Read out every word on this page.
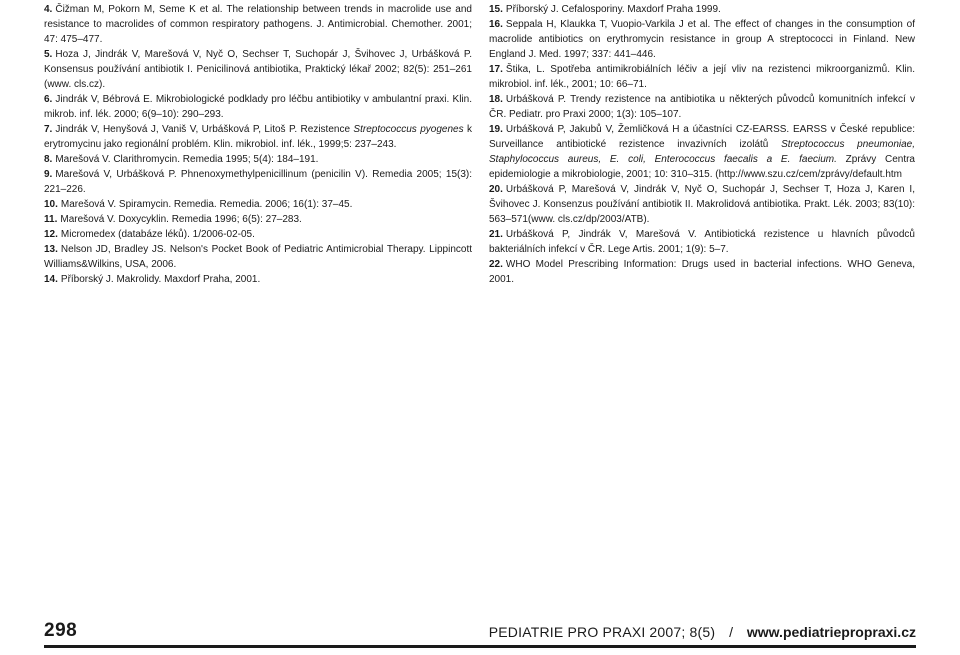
4. Čižman M, Pokorn M, Seme K et al. The relationship between trends in macrolide use and resistance to macrolides of common respiratory pathogens. J. Antimicrobial. Chemother. 2001; 47: 475–477.

5. Hoza J, Jindrák V, Marešová V, Nyč O, Sechser T, Suchopár J, Švihovec J, Urbášková P. Konsensus používání antibiotik I. Penicilinová antibiotika, Praktický lékař 2002; 82(5): 251–261 (www. cls.cz).

6. Jindrák V, Bébrová E. Mikrobiologické podklady pro léčbu antibiotiky v ambulantní praxi. Klin. mikrob. inf. lék. 2000; 6(9–10): 290–293.

7. Jindrák V, Henyšová J, Vaniš V, Urbášková P, Litoš P. Rezistence Streptococcus pyogenes k erytromycinu jako regionální problém. Klin. mikrobiol. inf. lék., 1999;5: 237–243.

8. Marešová V. Clarithromycin. Remedia 1995; 5(4): 184–191.

9. Marešová V, Urbášková P. Phnenoxymethylpenicillinum (penicilin V). Remedia 2005; 15(3): 221–226.

10. Marešová V. Spiramycin. Remedia. Remedia. 2006; 16(1): 37–45.

11. Marešová V. Doxycyklin. Remedia 1996; 6(5): 27–283.

12. Micromedex (databáze léků). 1/2006-02-05.

13. Nelson JD, Bradley JS. Nelson's Pocket Book of Pediatric Antimicrobial Therapy. Lippincott Williams&Wilkins, USA, 2006.

14. Příborský J. Makrolidy. Maxdorf Praha, 2001.

15. Příborský J. Cefalosporiny. Maxdorf Praha 1999.

16. Seppala H, Klaukka T, Vuopio-Varkila J et al. The effect of changes in the consumption of macrolide antibiotics on erythromycin resistance in group A streptococci in Finland. New England J. Med. 1997; 337: 441–446.

17. Štika, L. Spotřeba antimikrobiálních léčiv a její vliv na rezistenci mikroorganizmů. Klin. mikrobiol. inf. lék., 2001; 10: 66–71.

18. Urbášková P. Trendy rezistence na antibiotika u některých původců komunitních infekcí v ČR. Pediatr. pro Praxi 2000; 1(3): 105–107.

19. Urbášková P, Jakubů V, Žemličková H a účastníci CZ-EARSS. EARSS v České republice: Surveillance antibiotické rezistence invazivních izolátů Streptococcus pneumoniae, Staphylococcus aureus, E. coli, Enterococcus faecalis a E. faecium. Zprávy Centra epidemiologie a mikrobiologie, 2001; 10: 310–315. (http://www.szu.cz/cem/zprávy/default.htm

20. Urbášková P, Marešová V, Jindrák V, Nyč O, Suchopár J, Sechser T, Hoza J, Karen I, Švihovec J. Konsenzus používání antibiotik II. Makrolidová antibiotika. Prakt. Lék. 2003; 83(10): 563–571(www. cls.cz/dp/2003/ATB).

21. Urbášková P, Jindrák V, Marešová V. Antibiotická rezistence u hlavních původců bakteriálních infekcí v ČR. Lege Artis. 2001; 1(9): 5–7.

22. WHO Model Prescribing Information: Drugs used in bacterial infections. WHO Geneva, 2001.

298	PEDIATRIE PRO PRAXI 2007; 8(5) / www.pediatriepropraxi.cz
